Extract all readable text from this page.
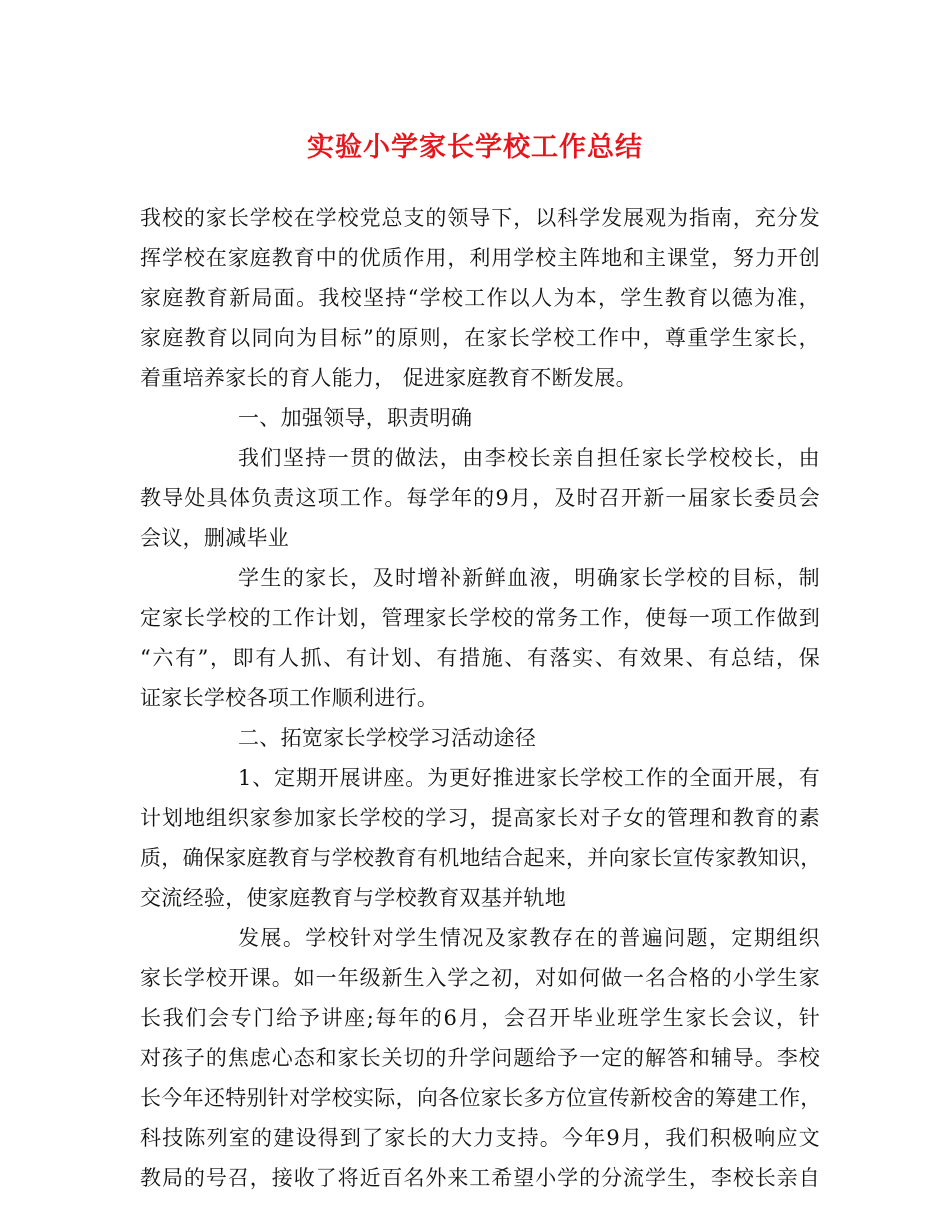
实验小学家长学校工作总结
我校的家长学校在学校党总支的领导下，以科学发展观为指南，充分发
挥学校在家庭教育中的优质作用，利用学校主阵地和主课堂，努力开创
家庭教育新局面。我校坚持“学校工作以人为本，学生教育以德为准，
家庭教育以同向为目标”的原则，在家长学校工作中，尊重学生家长，
着重培养家长的育人能力， 促进家庭教育不断发展。
一、加强领导，职责明确
我们坚持一贯的做法，由李校长亲自担任家长学校校长，由
教导处具体负责这项工作。每学年的9月，及时召开新一届家长委员会
会议，删减毕业
学生的家长，及时增补新鲜血液，明确家长学校的目标，制
定家长学校的工作计划，管理家长学校的常务工作，使每一项工作做到
“六有”，即有人抓、有计划、有措施、有落实、有效果、有总结，保
证家长学校各项工作顺利进行。
二、拓宽家长学校学习活动途径
1、定期开展讲座。为更好推进家长学校工作的全面开展，有
计划地组织家参加家长学校的学习，提高家长对子女的管理和教育的素
质，确保家庭教育与学校教育有机地结合起来，并向家长宣传家教知识，
交流经验，使家庭教育与学校教育双基并轨地
发展。学校针对学生情况及家教存在的普遍问题，定期组织
家长学校开课。如一年级新生入学之初，对如何做一名合格的小学生家
长我们会专门给予讲座;每年的6月，会召开毕业班学生家长会议，针
对孩子的焦虑心态和家长关切的升学问题给予一定的解答和辅导。李校
长今年还特别针对学校实际，向各位家长多方位宣传新校舍的筹建工作，
科技陈列室的建设得到了家长的大力支持。今年9月，我们积极响应文
教局的号召，接收了将近百名外来工希望小学的分流学生，李校长亲自
